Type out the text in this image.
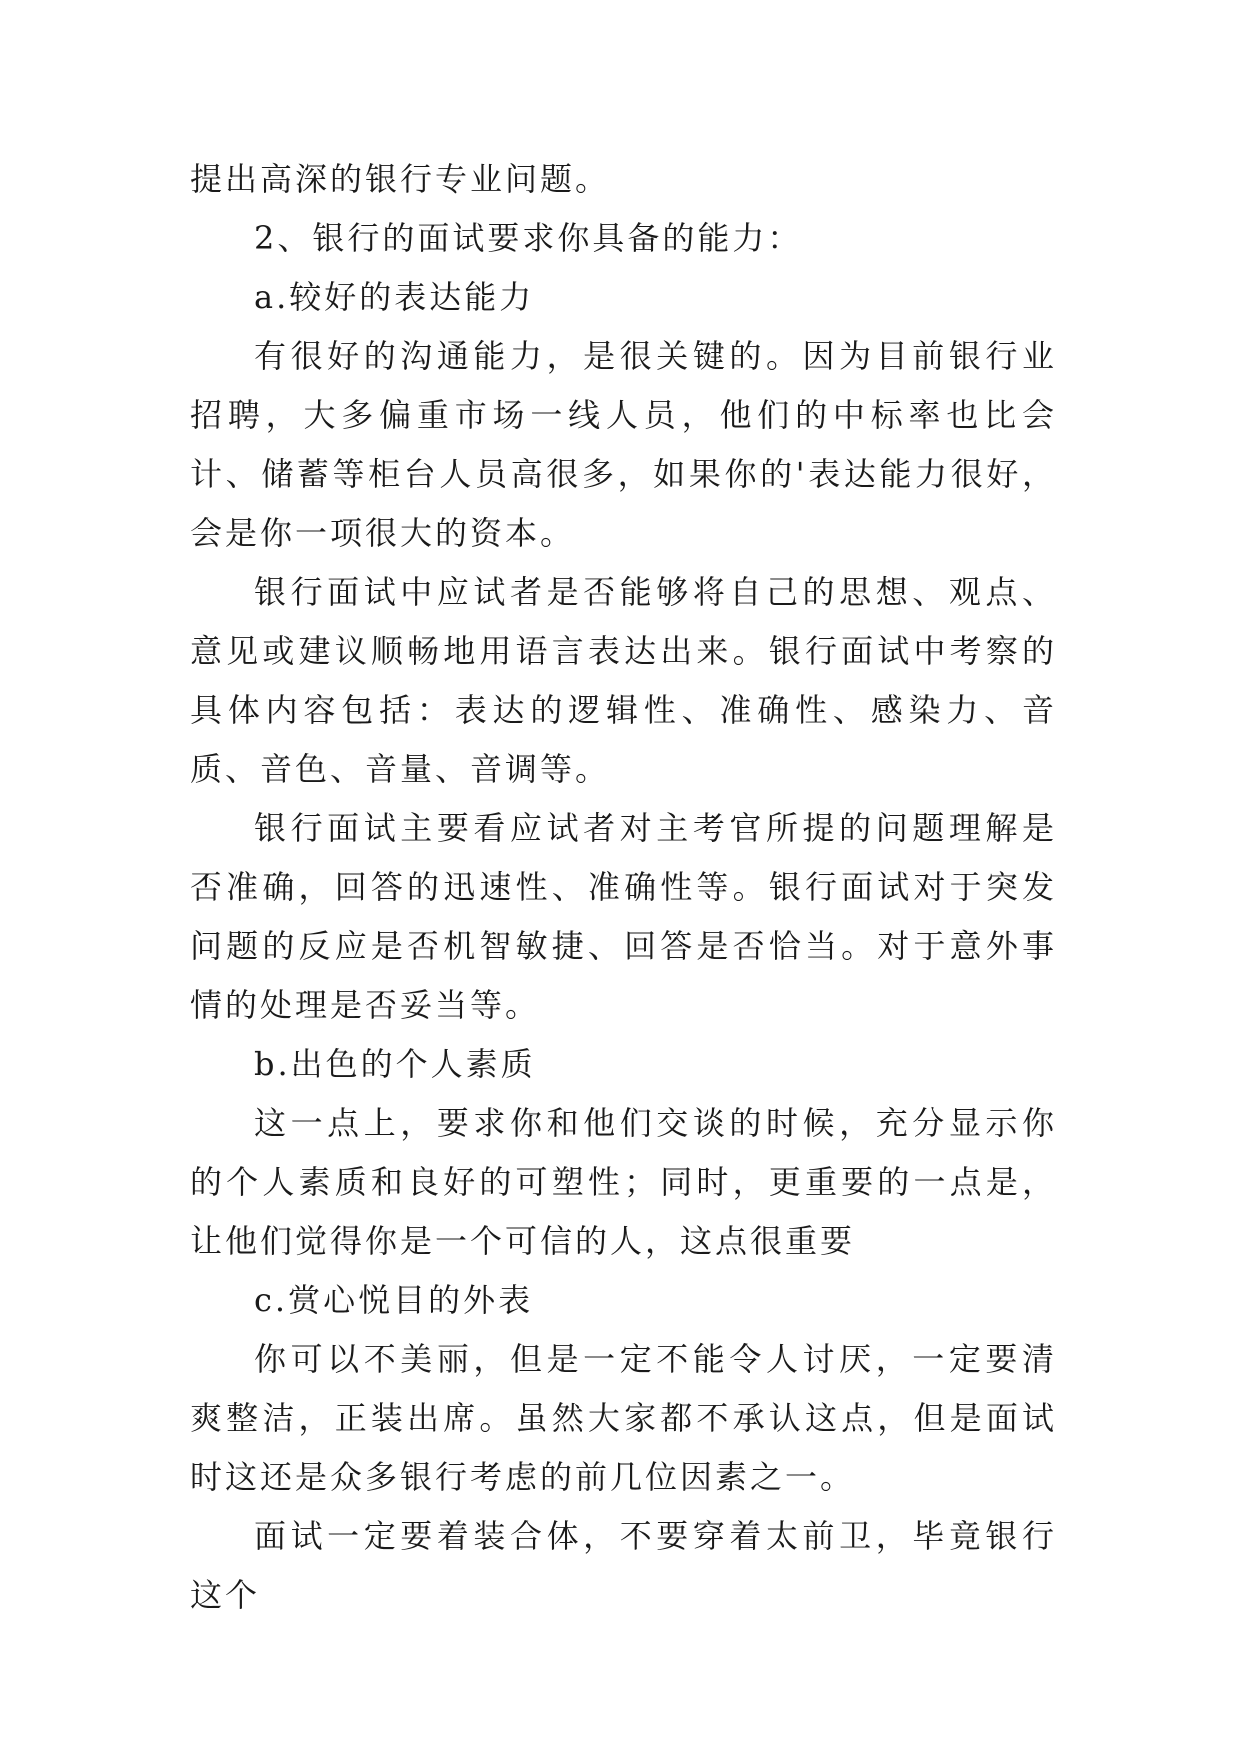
提出高深的银行专业问题。

2、银行的面试要求你具备的能力：

a.较好的表达能力

有很好的沟通能力，是很关键的。因为目前银行业招聘，大多偏重市场一线人员，他们的中标率也比会计、储蓄等柜台人员高很多，如果你的'表达能力很好，会是你一项很大的资本。

银行面试中应试者是否能够将自己的思想、观点、意见或建议顺畅地用语言表达出来。银行面试中考察的具体内容包括：表达的逻辑性、准确性、感染力、音质、音色、音量、音调等。

银行面试主要看应试者对主考官所提的问题理解是否准确，回答的迅速性、准确性等。银行面试对于突发问题的反应是否机智敏捷、回答是否恰当。对于意外事情的处理是否妥当等。

b.出色的个人素质

这一点上，要求你和他们交谈的时候，充分显示你的个人素质和良好的可塑性；同时，更重要的一点是，让他们觉得你是一个可信的人，这点很重要

c.赏心悦目的外表

你可以不美丽，但是一定不能令人讨厌，一定要清爽整洁，正装出席。虽然大家都不承认这点，但是面试时这还是众多银行考虑的前几位因素之一。

面试一定要着装合体，不要穿着太前卫，毕竟银行这个
